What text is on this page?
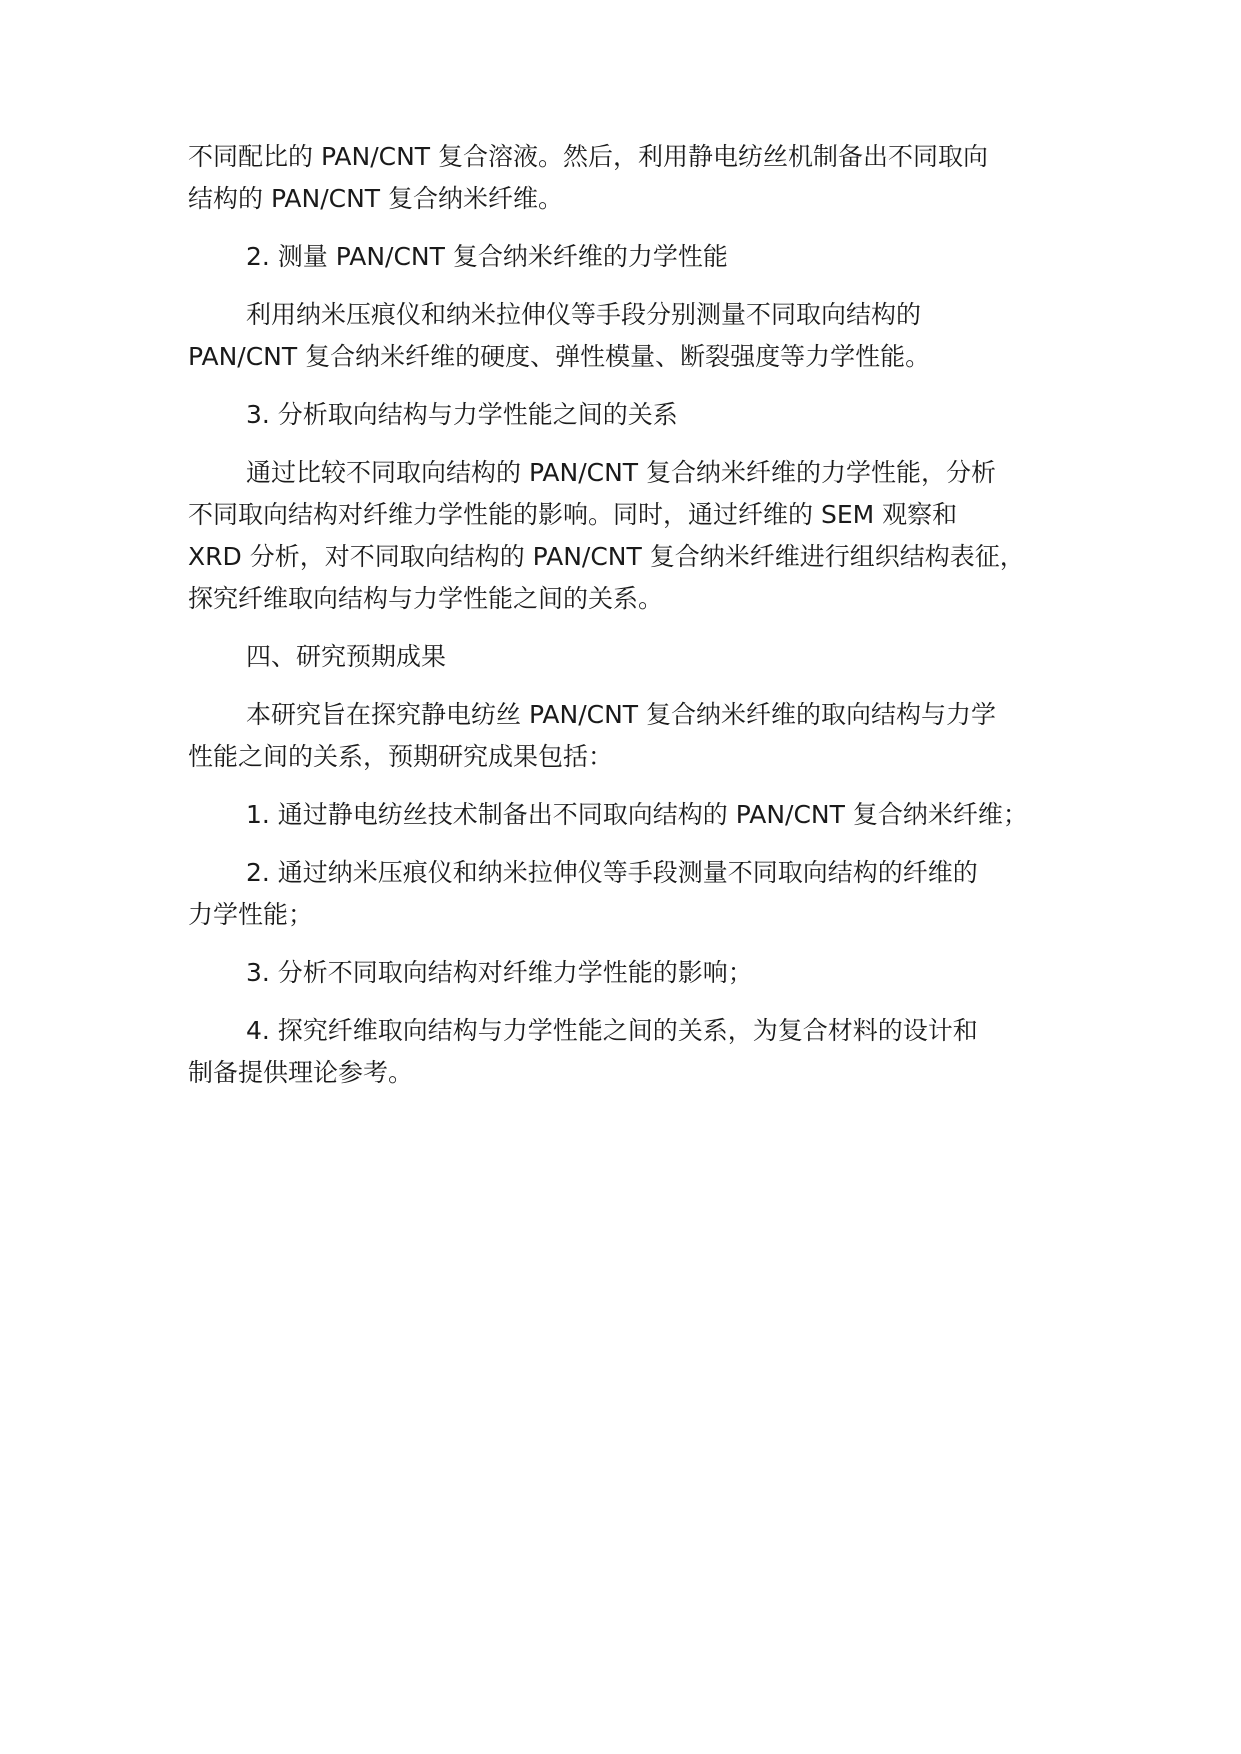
不同配比的 PAN/CNT 复合溶液。然后，利用静电纺丝机制备出不同取向
结构的 PAN/CNT 复合纳米纤维。
2. 测量 PAN/CNT 复合纳米纤维的力学性能
利用纳米压痕仪和纳米拉伸仪等手段分别测量不同取向结构的
PAN/CNT 复合纳米纤维的硬度、弹性模量、断裂强度等力学性能。
3. 分析取向结构与力学性能之间的关系
通过比较不同取向结构的 PAN/CNT 复合纳米纤维的力学性能，分析
不同取向结构对纤维力学性能的影响。同时，通过纤维的 SEM 观察和
XRD 分析，对不同取向结构的 PAN/CNT 复合纳米纤维进行组织结构表征，
探究纤维取向结构与力学性能之间的关系。
四、研究预期成果
本研究旨在探究静电纺丝 PAN/CNT 复合纳米纤维的取向结构与力学
性能之间的关系，预期研究成果包括：
1. 通过静电纺丝技术制备出不同取向结构的 PAN/CNT 复合纳米纤维；
2. 通过纳米压痕仪和纳米拉伸仪等手段测量不同取向结构的纤维的
力学性能；
3. 分析不同取向结构对纤维力学性能的影响；
4. 探究纤维取向结构与力学性能之间的关系，为复合材料的设计和
制备提供理论参考。
